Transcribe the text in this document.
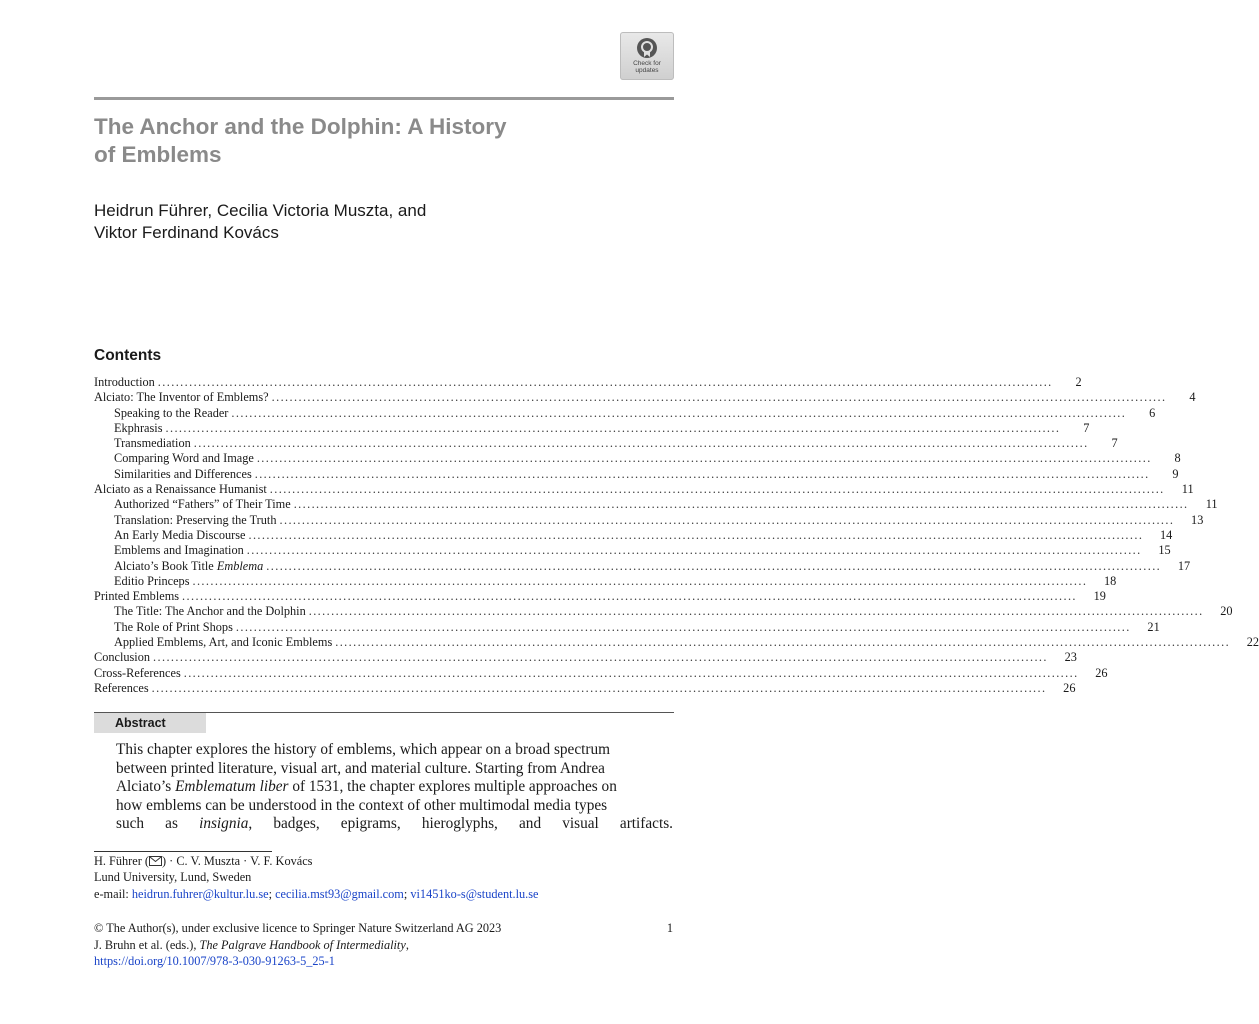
Check for
updates
The Anchor and the Dolphin: A History
of Emblems
Heidrun Führer, Cecilia Victoria Muszta, and
Viktor Ferdinand Kovács
Contents
Introduction ........................................................................................................................................................................................................	2
Alciato: The Inventor of Emblems? ........................................................................................................................................................................................................	4
Speaking to the Reader ........................................................................................................................................................................................................	6
Ekphrasis ........................................................................................................................................................................................................	7
Transmediation ........................................................................................................................................................................................................	7
Comparing Word and Image ........................................................................................................................................................................................................	8
Similarities and Differences ........................................................................................................................................................................................................	9
Alciato as a Renaissance Humanist ........................................................................................................................................................................................................	11
Authorized “Fathers” of Their Time ........................................................................................................................................................................................................	11
Translation: Preserving the Truth ........................................................................................................................................................................................................	13
An Early Media Discourse ........................................................................................................................................................................................................	14
Emblems and Imagination ........................................................................................................................................................................................................	15
Alciato’s Book Title Emblema ........................................................................................................................................................................................................	17
Editio Princeps ........................................................................................................................................................................................................	18
Printed Emblems ........................................................................................................................................................................................................	19
The Title: The Anchor and the Dolphin ........................................................................................................................................................................................................	20
The Role of Print Shops ........................................................................................................................................................................................................	21
Applied Emblems, Art, and Iconic Emblems ........................................................................................................................................................................................................	22
Conclusion ........................................................................................................................................................................................................	23
Cross-References ........................................................................................................................................................................................................	26
References ........................................................................................................................................................................................................	26
Abstract
This chapter explores the history of emblems, which appear on a broad spectrum
between printed literature, visual art, and material culture. Starting from Andrea
Alciato’s Emblematum liber of 1531, the chapter explores multiple approaches on
how emblems can be understood in the context of other multimodal media types
such as insignia, badges, epigrams, hieroglyphs, and visual artifacts.
H. Führer ( ) · C. V. Muszta · V. F. Kovács
Lund University, Lund, Sweden
e-mail: heidrun.fuhrer@kultur.lu.se; cecilia.mst93@gmail.com; vi1451ko-s@student.lu.se
© The Author(s), under exclusive licence to Springer Nature Switzerland AG 2023
J. Bruhn et al. (eds.), The Palgrave Handbook of Intermediality,
https://doi.org/10.1007/978-3-030-91263-5_25-1
1
